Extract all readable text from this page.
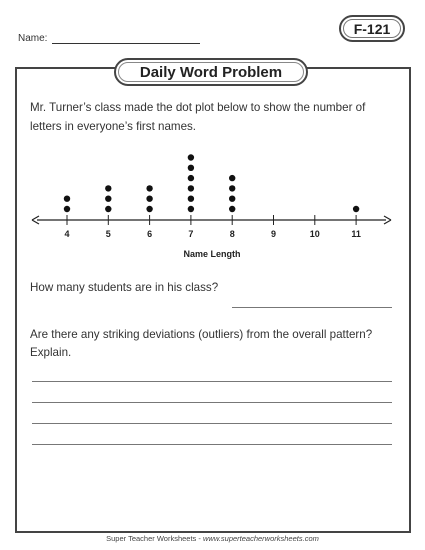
Name:
F-121
Daily Word Problem
Mr. Turner’s class made the dot plot below to show the number of letters in everyone’s first names.
4	5	6	7	8	9	10	11
Name Length
How many students are in his class?
Are there any striking deviations (outliers) from the overall pattern? Explain.
Super Teacher Worksheets - www.superteacherworksheets.com
